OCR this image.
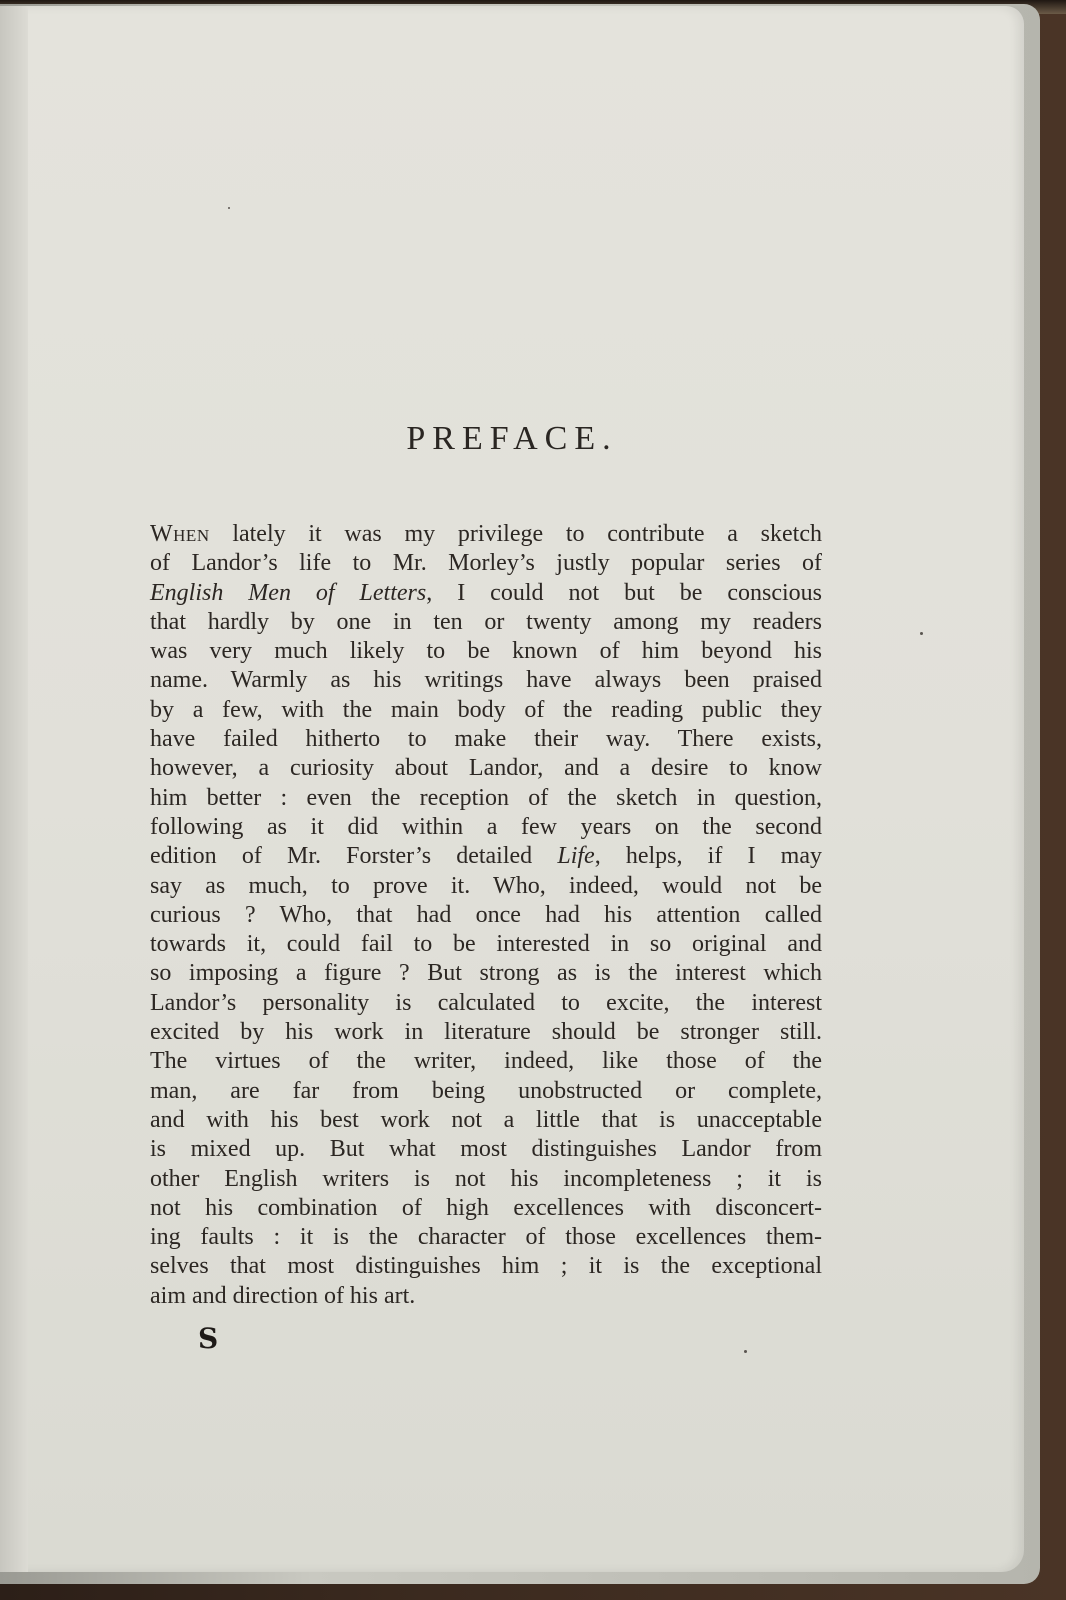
PREFACE.
When lately it was my privilege to contribute a sketch
of Landor’s life to Mr. Morley’s justly popular series of
English Men of Letters, I could not but be conscious
that hardly by one in ten or twenty among my readers
was very much likely to be known of him beyond his
name. Warmly as his writings have always been praised
by a few, with the main body of the reading public they
have failed hitherto to make their way. There exists,
however, a curiosity about Landor, and a desire to know
him better : even the reception of the sketch in question,
following as it did within a few years on the second
edition of Mr. Forster’s detailed Life, helps, if I may
say as much, to prove it. Who, indeed, would not be
curious ? Who, that had once had his attention called
towards it, could fail to be interested in so original and
so imposing a figure ? But strong as is the interest which
Landor’s personality is calculated to excite, the interest
excited by his work in literature should be stronger still.
The virtues of the writer, indeed, like those of the
man, are far from being unobstructed or complete,
and with his best work not a little that is unacceptable
is mixed up. But what most distinguishes Landor from
other English writers is not his incompleteness ; it is
not his combination of high excellences with disconcert-
ing faults : it is the character of those excellences them-
selves that most distinguishes him ; it is the exceptional
aim and direction of his art.
S
